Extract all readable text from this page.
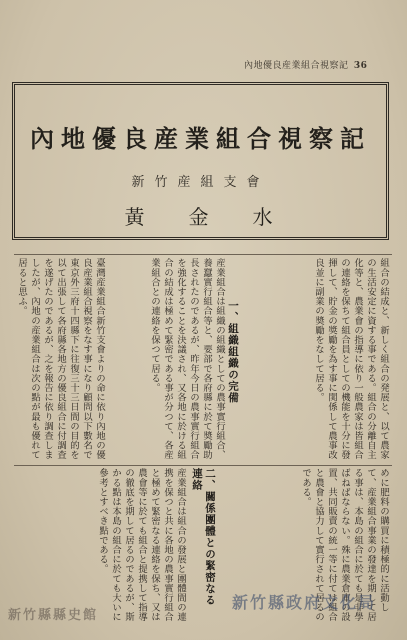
內地優良産業組合視察記 36
內地優良産業組合視察記
新竹産組支會
黃金水
組合の結成と、新しく組合の発展と、以て農家の生活安定に資する事である。組合の分離自主化等と、農業會の指導に依り一般農家は皆組合の連絡を保ちて組合員としての機能を十分に發揮して、貯金の獎勵を為す事に関係して農事改良並に副業の奬勵をなして居る。
一、組織組織の完備
産業組合は組織の組織としての農事實行組合、養蠶實行組合等と、要部で各府縣に於て奬勵助長されたのであるが、昨年今日の農事實行組合を強化することを決議され、又各地に於ける組合の結成は極めて緊密である事が分つて、各産業組合との連絡を保つて居る。
臺灣産業組合新竹支會よりの命に依り內地の優良産業組合視察をなす事になり顧問以下數名で東京外三府十四縣下に往復三十三日間の目的を以て出張して各府縣各地方の優良組合に付調査を遂げたのであるが、之を報告に依り調查しましたが、內地の産業組合は次の點が最も優れて居ると思ふ。
めに肥料の購買に積極的に活動して、産業組合事業の發達を期して居る事は、本島の組合に於ても是非學ばねばならない。殊に農業倉庫の設置、共同販賣の統一等に付ては組合と農會と協力して實行されて居るのである。
二、關係團體との緊密なる連絡
産業組合は組合の發展と團體間の連携を保つと共に各地の農事實行組合と極めて緊密なる連絡を保ち、又は農會等に於ても組合と提携して指導の徹底を期して居るのであるが、斯かる點は本島の組合に於ても大いに參考とすべき點である。
新竹縣縣史館
新竹縣政府文化局
